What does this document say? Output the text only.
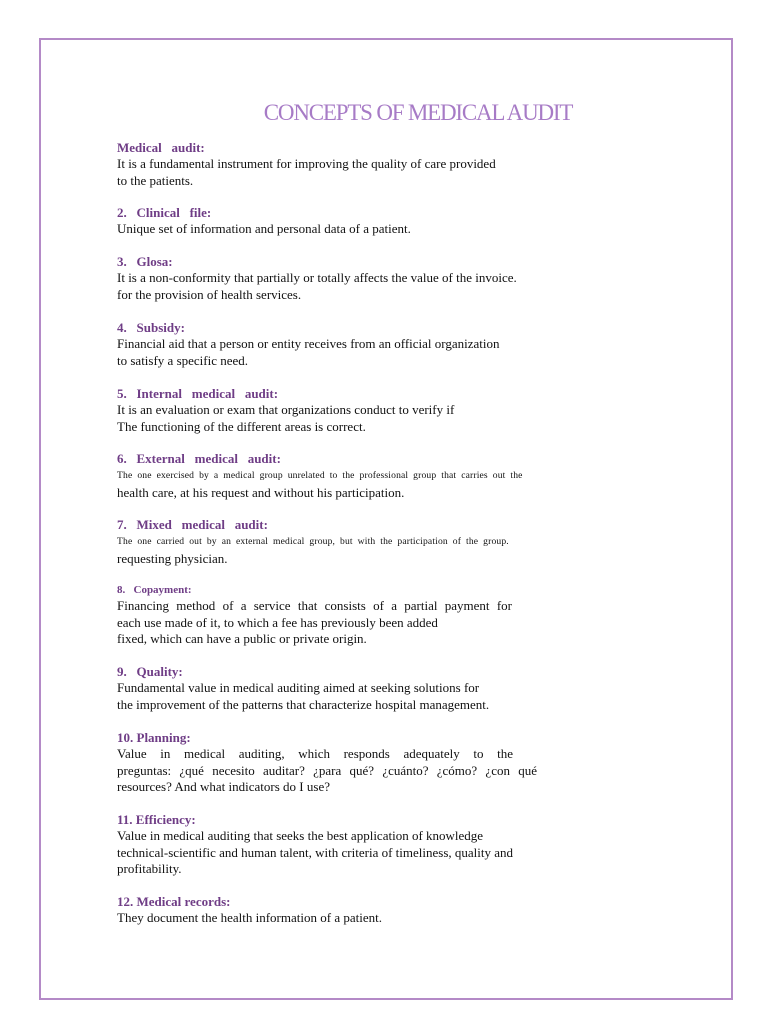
CONCEPTS OF MEDICAL AUDIT

Medical   audit:

It is a fundamental instrument for improving the quality of care provided

to the patients.

2.   Clinical   file:

Unique set of information and personal data of a patient.

3.   Glosa:

It is a non-conformity that partially or totally affects the value of the invoice.

for the provision of health services.

4.   Subsidy:

Financial aid that a person or entity receives from an official organization

to satisfy a specific need.

5.   Internal   medical   audit:

It is an evaluation or exam that organizations conduct to verify if

The functioning of the different areas is correct.

6.   External   medical   audit:

The one exercised by a medical group unrelated to the professional group that carries out the

health care, at his request and without his participation.

7.   Mixed   medical   audit:

The one carried out by an external medical group, but with the participation of the group.

requesting physician.

8.   Copayment:

Financing method of a service that consists of a partial payment for

each use made of it, to which a fee has previously been added

fixed, which can have a public or private origin.

9.   Quality:

Fundamental value in medical auditing aimed at seeking solutions for

the improvement of the patterns that characterize hospital management.

10. Planning:

Value in medical auditing, which responds adequately to the

preguntas: ¿qué necesito auditar? ¿para qué? ¿cuánto? ¿cómo? ¿con qué

resources? And what indicators do I use?

11. Efficiency:

Value in medical auditing that seeks the best application of knowledge

technical-scientific and human talent, with criteria of timeliness, quality and

profitability.

12. Medical records:

They document the health information of a patient.
